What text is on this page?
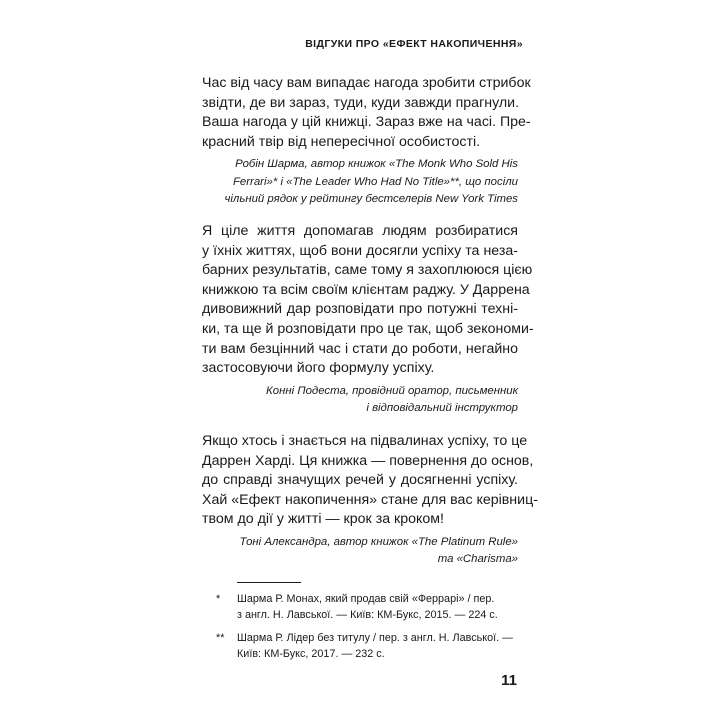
ВІДГУКИ ПРО «ЕФЕКТ НАКОПИЧЕННЯ»

Час від часу вам випадає нагода зробити стрибок
звідти, де ви зараз, туди, куди завжди прагнули.
Ваша нагода у цій книжці. Зараз вже на часі. Пре-
красний твір від непересічної особистості.

Робін Шарма, автор книжок «The Monk Who Sold His
Ferrari»* і «The Leader Who Had No Title»**, що посіли
чільний рядок у рейтингу бестселерів New York Times

Я ціле життя допомагав людям розбиратися
у їхніх життях, щоб вони досягли успіху та неза-
барних результатів, саме тому я захоплююся цією
книжкою та всім своїм клієнтам раджу. У Даррена
дивовижний дар розповідати про потужні техні-
ки, та ще й розповідати про це так, щоб зекономи-
ти вам безцінний час і стати до роботи, негайно
застосовуючи його формулу успіху.

Конні Подеста, провідний оратор, письменник
і відповідальний інструктор

Якщо хтось і знається на підвалинах успіху, то це
Даррен Харді. Ця книжка — повернення до основ,
до справді значущих речей у досягненні успіху.
Хай «Ефект накопичення» стане для вас керівниц-
твом до дії у житті — крок за кроком!

Тоні Александра, автор книжок «The Platinum Rule»
та «Charisma»

*	Шарма Р. Монах, який продав свій «Феррарі» / пер.
з англ. Н. Лавської. — Київ: КМ-Букс, 2015. — 224 с.
**	Шарма Р. Лідер без титулу / пер. з англ. Н. Лавської. —
Київ: КМ-Букс, 2017. — 232 с.
11
